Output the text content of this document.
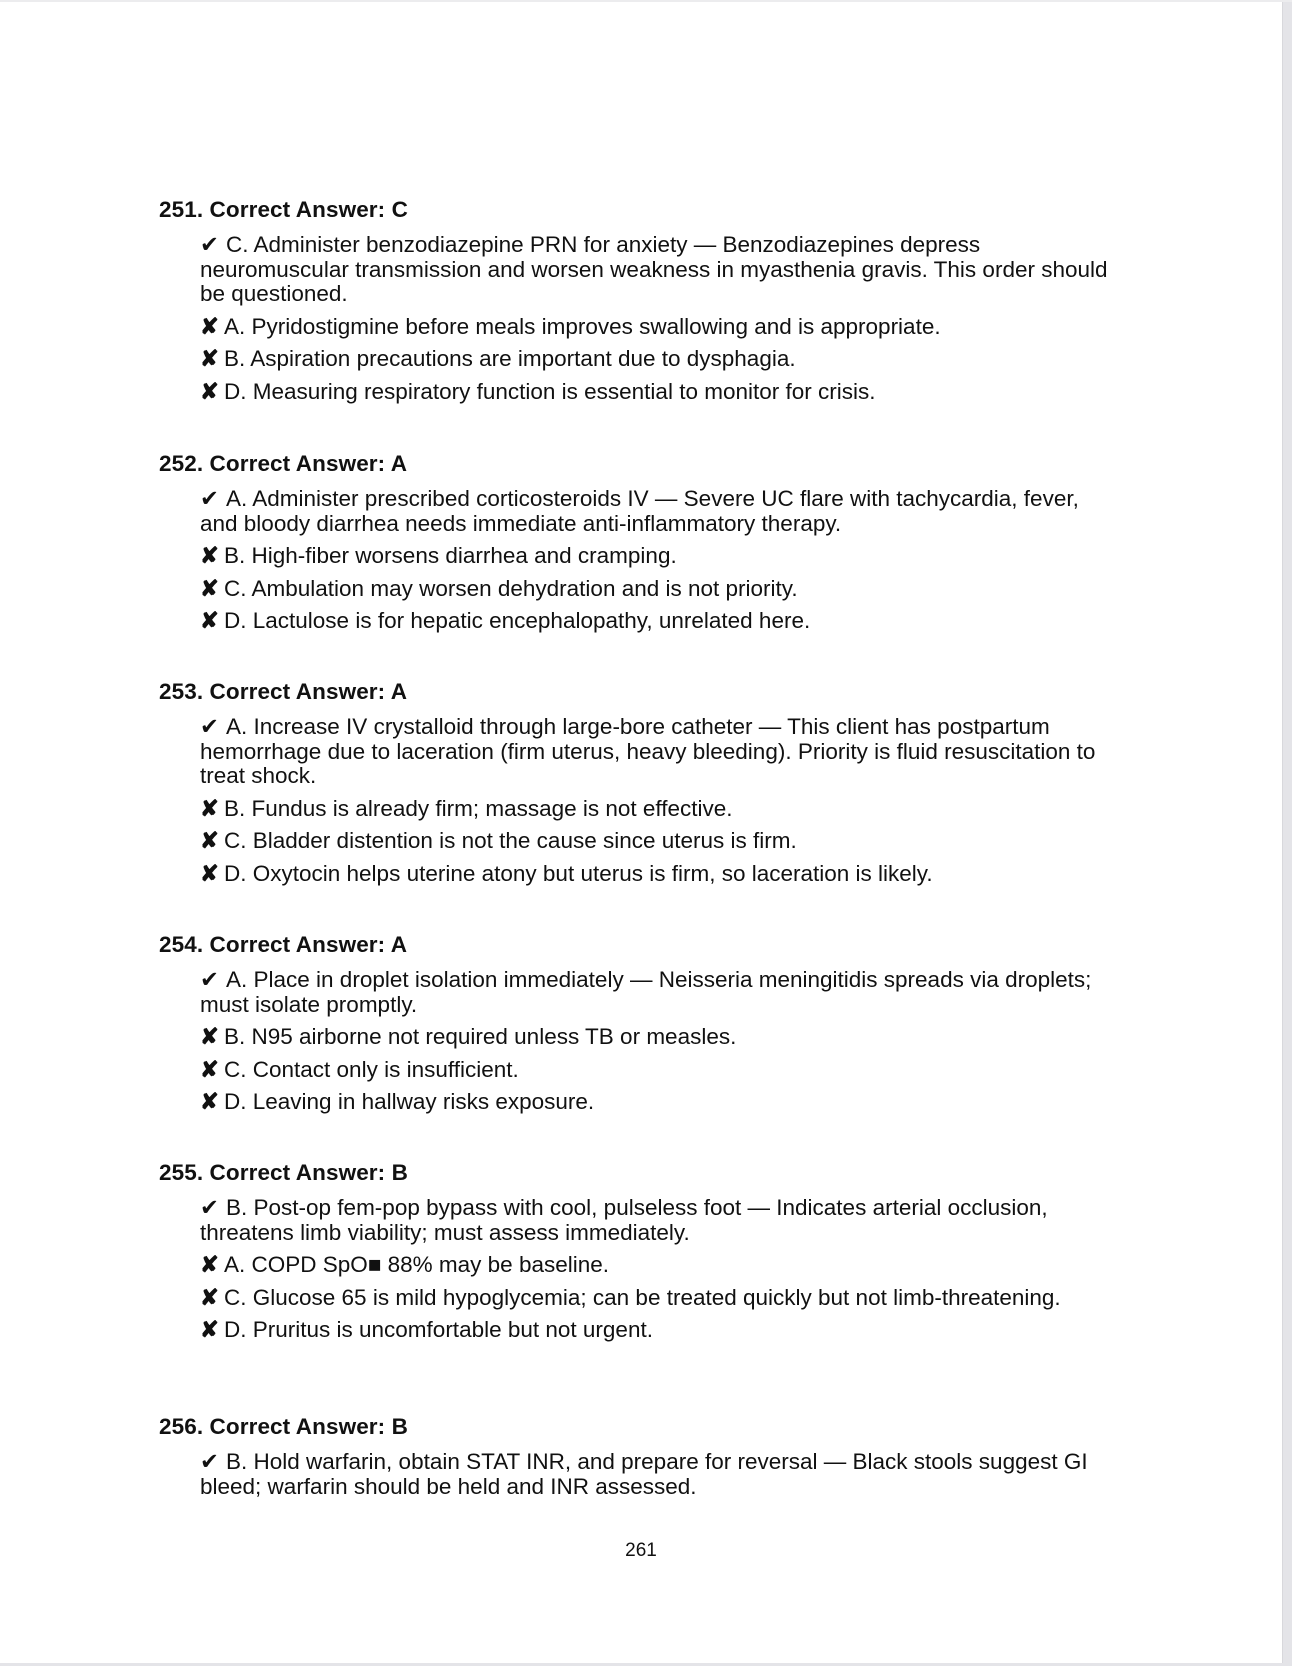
251. Correct Answer: C
✔ C. Administer benzodiazepine PRN for anxiety — Benzodiazepines depress neuromuscular transmission and worsen weakness in myasthenia gravis. This order should be questioned.
✘ A. Pyridostigmine before meals improves swallowing and is appropriate.
✘ B. Aspiration precautions are important due to dysphagia.
✘ D. Measuring respiratory function is essential to monitor for crisis.
252. Correct Answer: A
✔ A. Administer prescribed corticosteroids IV — Severe UC flare with tachycardia, fever, and bloody diarrhea needs immediate anti-inflammatory therapy.
✘ B. High-fiber worsens diarrhea and cramping.
✘ C. Ambulation may worsen dehydration and is not priority.
✘ D. Lactulose is for hepatic encephalopathy, unrelated here.
253. Correct Answer: A
✔ A. Increase IV crystalloid through large-bore catheter — This client has postpartum hemorrhage due to laceration (firm uterus, heavy bleeding). Priority is fluid resuscitation to treat shock.
✘ B. Fundus is already firm; massage is not effective.
✘ C. Bladder distention is not the cause since uterus is firm.
✘ D. Oxytocin helps uterine atony but uterus is firm, so laceration is likely.
254. Correct Answer: A
✔ A. Place in droplet isolation immediately — Neisseria meningitidis spreads via droplets; must isolate promptly.
✘ B. N95 airborne not required unless TB or measles.
✘ C. Contact only is insufficient.
✘ D. Leaving in hallway risks exposure.
255. Correct Answer: B
✔ B. Post-op fem-pop bypass with cool, pulseless foot — Indicates arterial occlusion, threatens limb viability; must assess immediately.
✘ A. COPD SpO■ 88% may be baseline.
✘ C. Glucose 65 is mild hypoglycemia; can be treated quickly but not limb-threatening.
✘ D. Pruritus is uncomfortable but not urgent.
256. Correct Answer: B
✔ B. Hold warfarin, obtain STAT INR, and prepare for reversal — Black stools suggest GI bleed; warfarin should be held and INR assessed.
261
